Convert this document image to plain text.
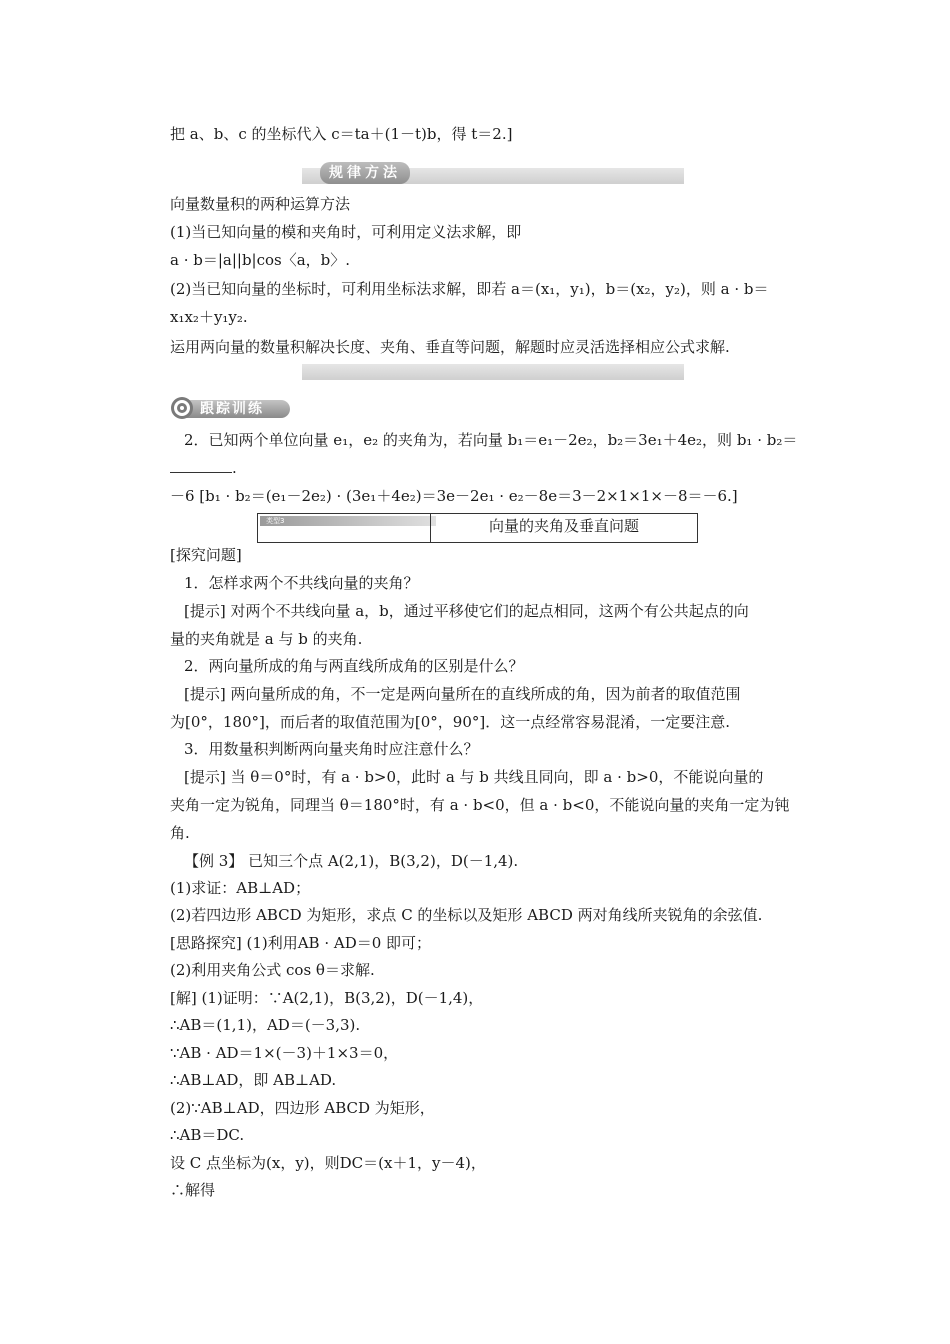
把 a、b、c 的坐标代入 c＝ta＋(1－t)b，得 t＝2.]
规律方法
向量数量积的两种运算方法
(1)当已知向量的模和夹角时，可利用定义法求解，即
a · b＝|a||b|cos〈a，b〉.
(2)当已知向量的坐标时，可利用坐标法求解，即若 a＝(x₁，y₁)，b＝(x₂，y₂)，则 a · b＝
x₁x₂＋y₁y₂.
运用两向量的数量积解决长度、夹角、垂直等问题，解题时应灵活选择相应公式求解.
跟踪训练
2．已知两个单位向量 e₁，e₂ 的夹角为，若向量 b₁＝e₁－2e₂，b₂＝3e₁＋4e₂，则 b₁ · b₂＝
.
－6 [b₁ · b₂＝(e₁－2e₂) · (3e₁＋4e₂)＝3e－2e₁ · e₂－8e＝3－2×1×1×－8＝－6.]
类型3	向量的夹角及垂直问题
[探究问题]
1．怎样求两个不共线向量的夹角？
[提示] 对两个不共线向量 a，b，通过平移使它们的起点相同，这两个有公共起点的向
量的夹角就是 a 与 b 的夹角.
2．两向量所成的角与两直线所成角的区别是什么？
[提示] 两向量所成的角，不一定是两向量所在的直线所成的角，因为前者的取值范围
为[0°，180°]，而后者的取值范围为[0°，90°]．这一点经常容易混淆，一定要注意.
3．用数量积判断两向量夹角时应注意什么？
[提示] 当 θ＝0°时，有 a · b>0，此时 a 与 b 共线且同向，即 a · b>0，不能说向量的
夹角一定为锐角，同理当 θ＝180°时，有 a · b<0，但 a · b<0，不能说向量的夹角一定为钝
角.
【例 3】 已知三个点 A(2,1)，B(3,2)，D(－1,4).
(1)求证：AB⊥AD；
(2)若四边形 ABCD 为矩形，求点 C 的坐标以及矩形 ABCD 两对角线所夹锐角的余弦值.
[思路探究] (1)利用AB · AD＝0 即可；
(2)利用夹角公式 cos θ＝求解.
[解] (1)证明：∵A(2,1)，B(3,2)，D(－1,4)，
∴AB＝(1,1)，AD＝(－3,3).
∵AB · AD＝1×(－3)＋1×3＝0，
∴AB⊥AD，即 AB⊥AD.
(2)∵AB⊥AD，四边形 ABCD 为矩形，
∴AB＝DC.
设 C 点坐标为(x，y)，则DC＝(x＋1，y－4)，
∴解得
